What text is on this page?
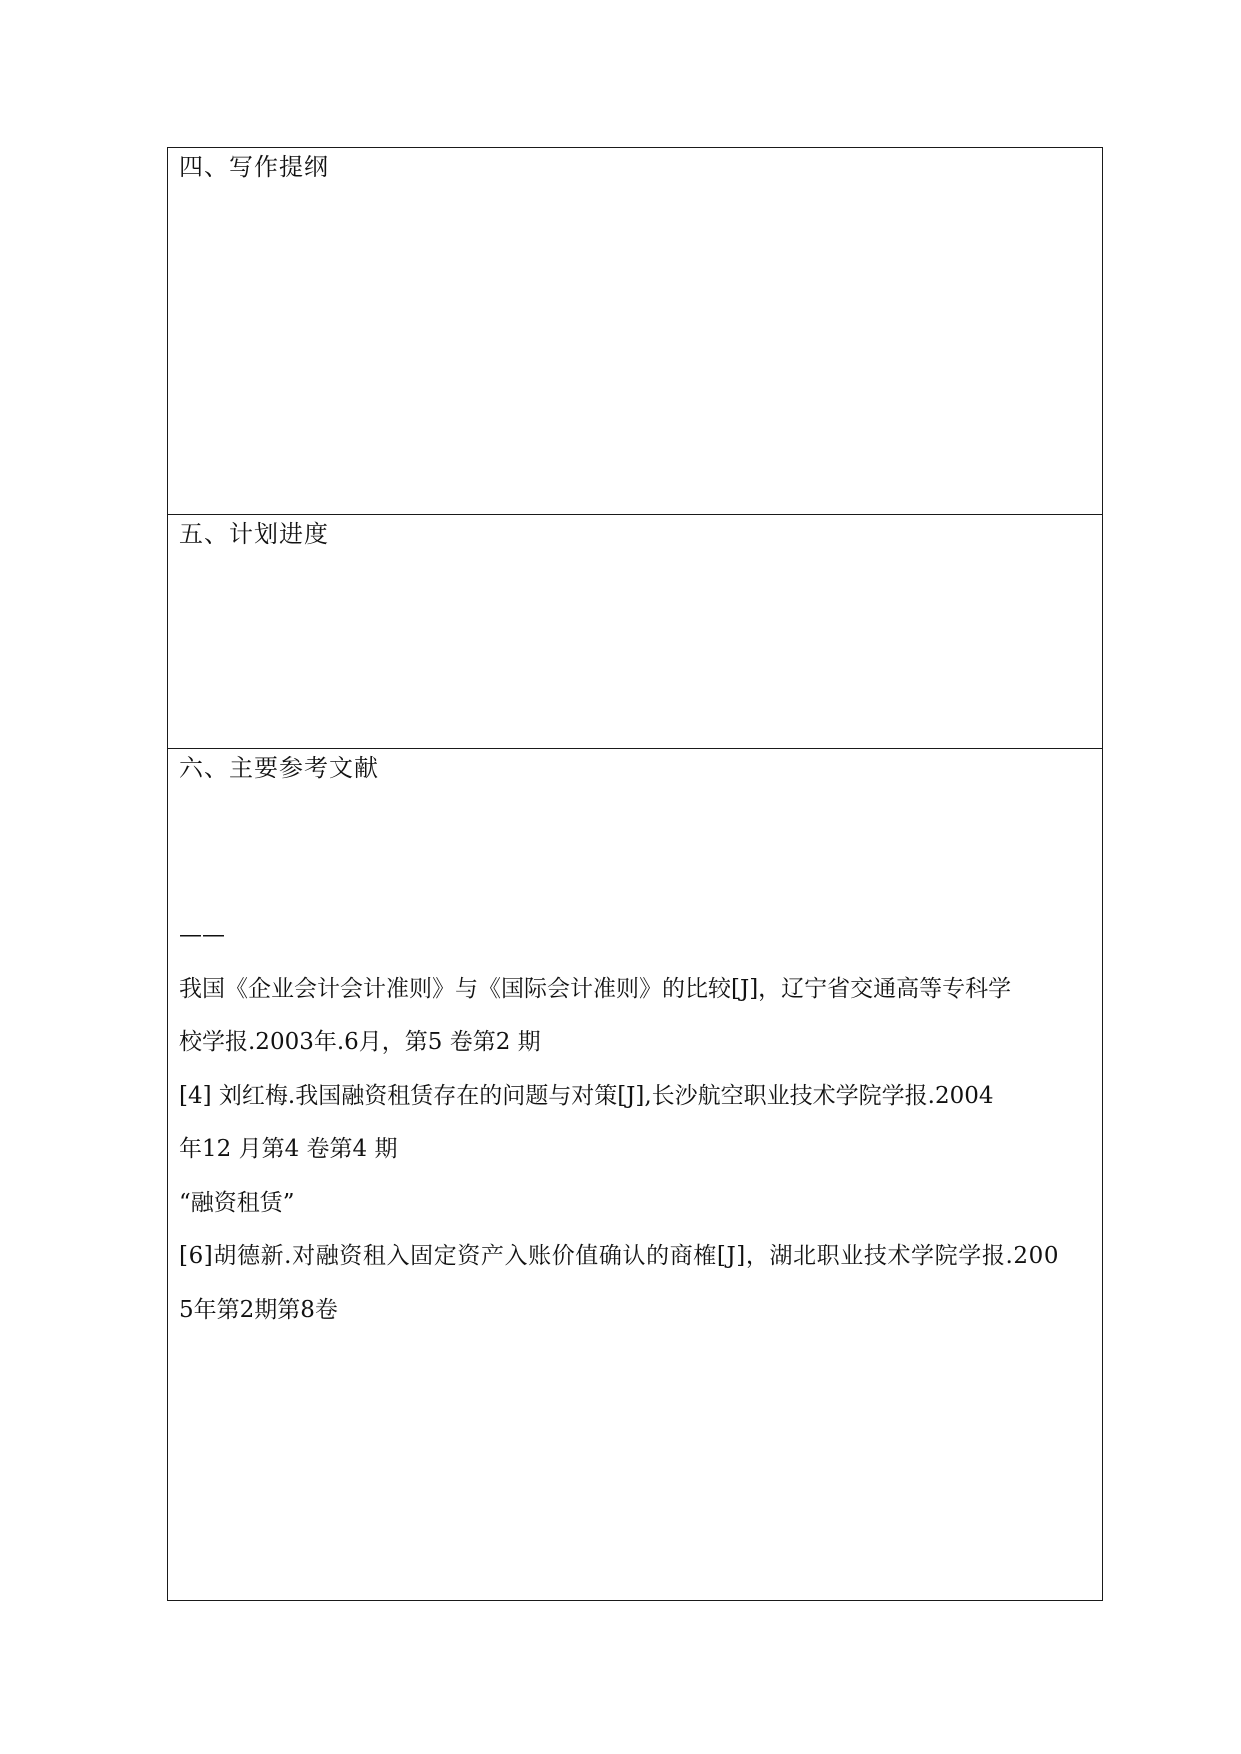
四、写作提纲
五、计划进度
六、主要参考文献
——
我国《企业会计会计准则》与《国际会计准则》的比较[J]，辽宁省交通高等专科学
校学报.2003年.6月，第5 卷第2 期
[4] 刘红梅.我国融资租赁存在的问题与对策[J],长沙航空职业技术学院学报.2004
年12 月第4 卷第4 期
“融资租赁”
[6]胡德新.对融资租入固定资产入账价值确认的商榷[J]，湖北职业技术学院学报.200
5年第2期第8卷
